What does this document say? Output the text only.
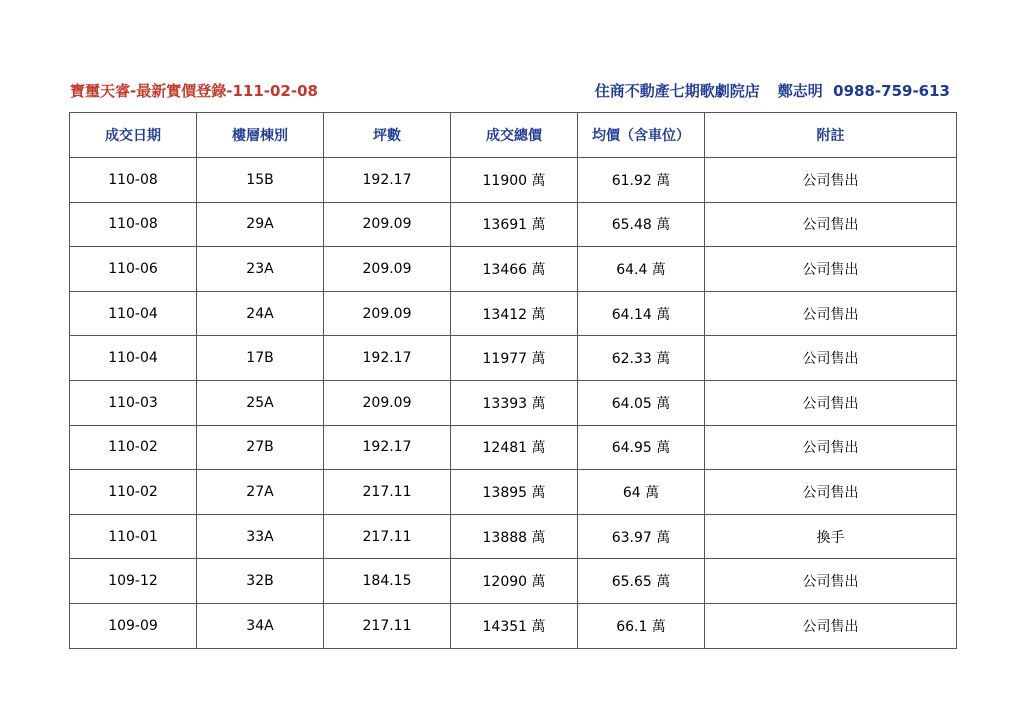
寶璽天睿-最新實價登錄-111-02-08	住商不動產七期歌劇院店 鄭志明 0988-759-613
成交日期	樓層棟別	坪數	成交總價	均價（含車位）	附註
110-08	15B	192.17	11900 萬	61.92 萬	公司售出
110-08	29A	209.09	13691 萬	65.48 萬	公司售出
110-06	23A	209.09	13466 萬	64.4 萬	公司售出
110-04	24A	209.09	13412 萬	64.14 萬	公司售出
110-04	17B	192.17	11977 萬	62.33 萬	公司售出
110-03	25A	209.09	13393 萬	64.05 萬	公司售出
110-02	27B	192.17	12481 萬	64.95 萬	公司售出
110-02	27A	217.11	13895 萬	64 萬	公司售出
110-01	33A	217.11	13888 萬	63.97 萬	換手
109-12	32B	184.15	12090 萬	65.65 萬	公司售出
109-09	34A	217.11	14351 萬	66.1 萬	公司售出
